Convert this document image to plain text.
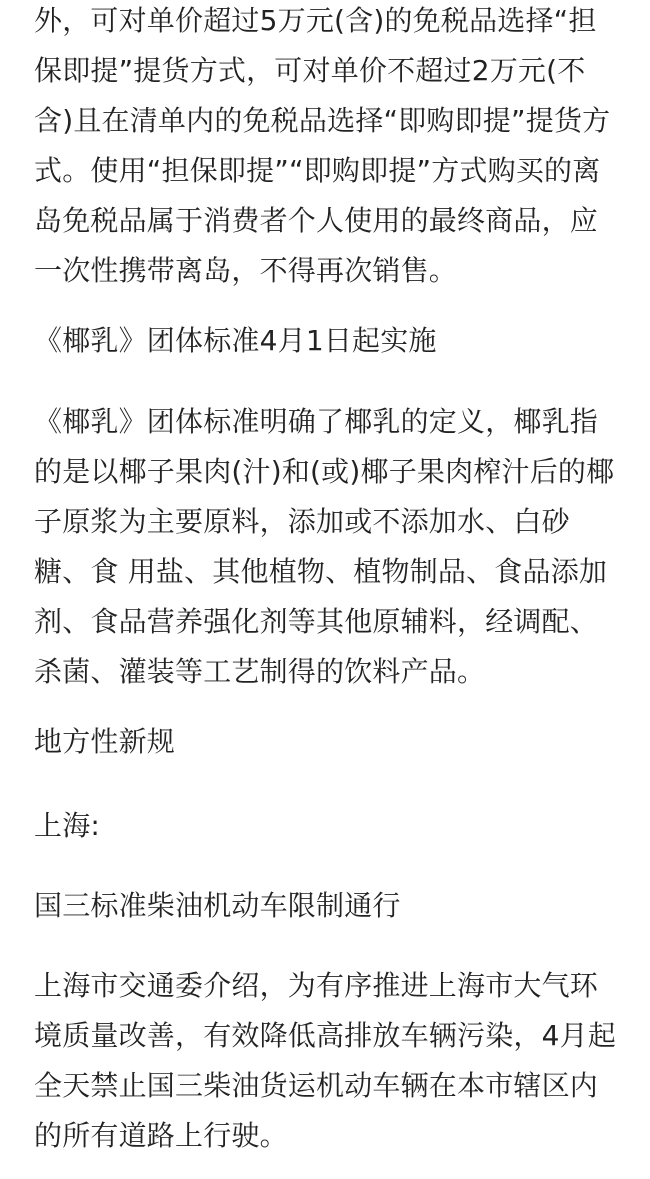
外，可对单价超过5万元(含)的免税品选择“担保即提”提货方式，可对单价不超过2万元(不含)且在清单内的免税品选择“即购即提”提货方式。使用“担保即提”“即购即提”方式购买的离岛免税品属于消费者个人使用的最终商品，应一次性携带离岛，不得再次销售。

《椰乳》团体标准4月1日起实施

《椰乳》团体标准明确了椰乳的定义，椰乳指的是以椰子果肉(汁)和(或)椰子果肉榨汁后的椰子原浆为主要原料，添加或不添加水、白砂糖、食 用盐、其他植物、植物制品、食品添加剂、食品营养强化剂等其他原辅料，经调配、杀菌、灌装等工艺制得的饮料产品。

地方性新规

上海:

国三标准柴油机动车限制通行

上海市交通委介绍，为有序推进上海市大气环境质量改善，有效降低高排放车辆污染，4月起全天禁止国三柴油货运机动车辆在本市辖区内的所有道路上行驶。
